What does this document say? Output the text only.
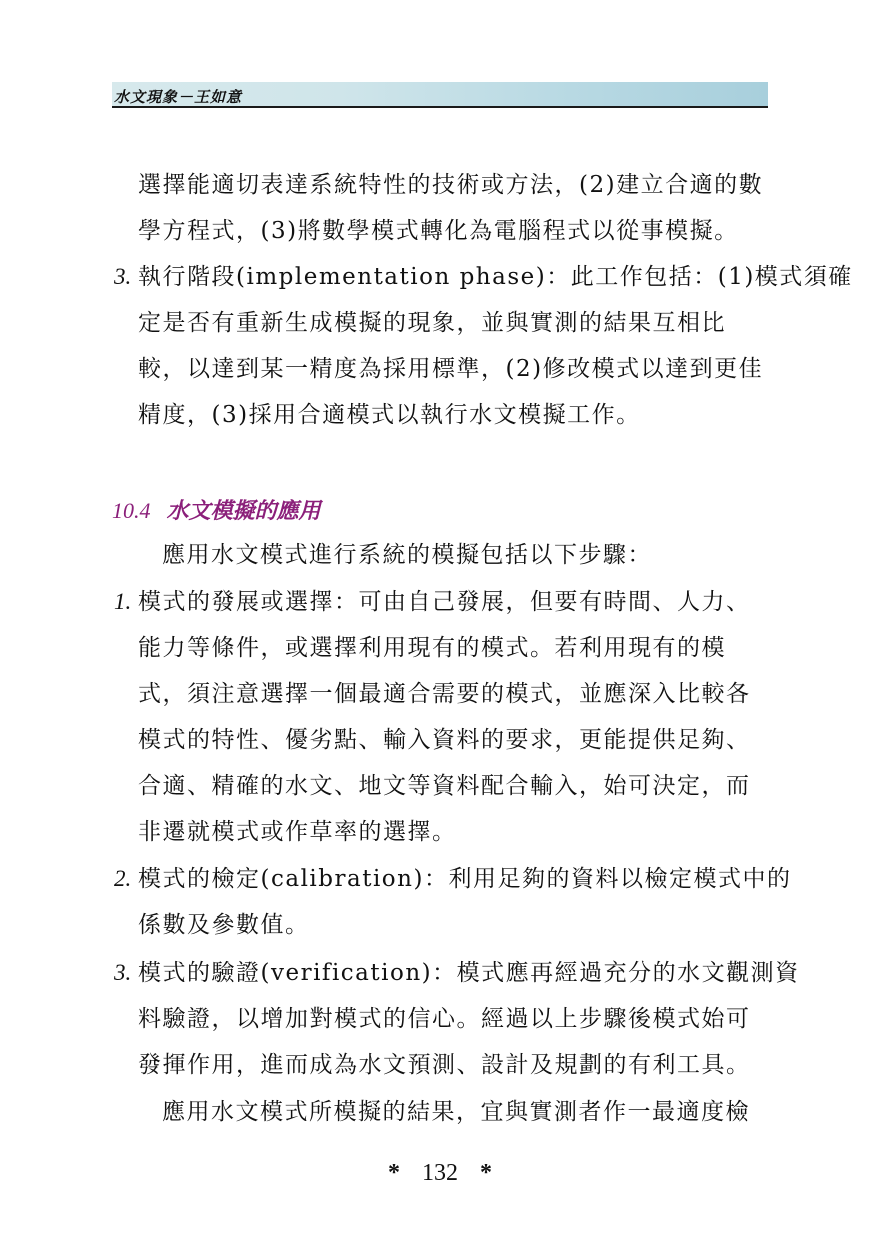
水文現象－王如意
選擇能適切表達系統特性的技術或方法，(2)建立合適的數
學方程式，(3)將數學模式轉化為電腦程式以從事模擬。
3. 執行階段(implementation phase)：此工作包括：(1)模式須確
定是否有重新生成模擬的現象，並與實測的結果互相比
較，以達到某一精度為採用標準，(2)修改模式以達到更佳
精度，(3)採用合適模式以執行水文模擬工作。
10.4 水文模擬的應用
應用水文模式進行系統的模擬包括以下步驟：
1. 模式的發展或選擇：可由自己發展，但要有時間、人力、
能力等條件，或選擇利用現有的模式。若利用現有的模
式，須注意選擇一個最適合需要的模式，並應深入比較各
模式的特性、優劣點、輸入資料的要求，更能提供足夠、
合適、精確的水文、地文等資料配合輸入，始可決定，而
非遷就模式或作草率的選擇。
2. 模式的檢定(calibration)：利用足夠的資料以檢定模式中的
係數及參數值。
3. 模式的驗證(verification)：模式應再經過充分的水文觀測資
料驗證，以增加對模式的信心。經過以上步驟後模式始可
發揮作用，進而成為水文預測、設計及規劃的有利工具。
應用水文模式所模擬的結果，宜與實測者作一最適度檢
* 132 *
